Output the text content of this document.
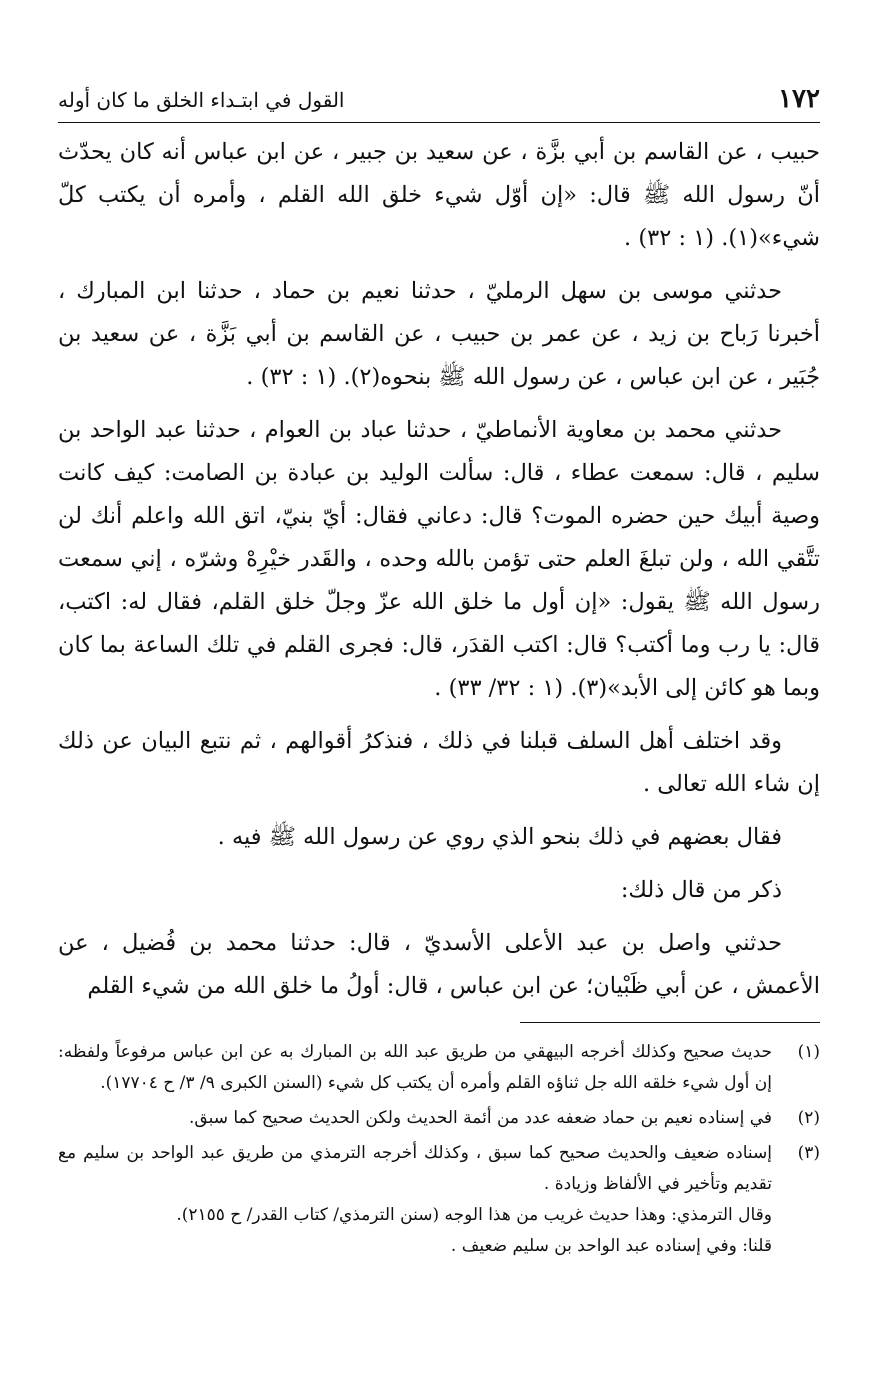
١٧٢
القول في ابتـداء الخلق ما كان أوله

حبيب ، عن القاسم بن أبي بزَّة ، عن سعيد بن جبير ، عن ابن عباس أنه كان يحدّث أنّ رسول الله ﷺ قال: «إن أوّل شيء خلق الله القلم ، وأمره أن يكتب كلّ شيء»(١). (١ : ٣٢) .

حدثني موسى بن سهل الرمليّ ، حدثنا نعيم بن حماد ، حدثنا ابن المبارك ، أخبرنا رَباح بن زيد ، عن عمر بن حبيب ، عن القاسم بن أبي بَزَّة ، عن سعيد بن جُبَير ، عن ابن عباس ، عن رسول الله ﷺ بنحوه(٢). (١ : ٣٢) .

حدثني محمد بن معاوية الأنماطيّ ، حدثنا عباد بن العوام ، حدثنا عبد الواحد بن سليم ، قال: سمعت عطاء ، قال: سألت الوليد بن عبادة بن الصامت: كيف كانت وصية أبيك حين حضره الموت؟ قال: دعاني فقال: أيّ بنيّ، اتق الله واعلم أنك لن تتَّقي الله ، ولن تبلغَ العلم حتى تؤمن بالله وحده ، والقَدر خيْرِهْ وشرّه ، إني سمعت رسول الله ﷺ يقول: «إن أول ما خلق الله عزّ وجلّ خلق القلم، فقال له: اكتب، قال: يا رب وما أكتب؟ قال: اكتب القدَر، قال: فجرى القلم في تلك الساعة بما كان وبما هو كائن إلى الأبد»(٣). (١ : ٣٢/ ٣٣) .

وقد اختلف أهل السلف قبلنا في ذلك ، فنذكرُ أقوالهم ، ثم نتبع البيان عن ذلك إن شاء الله تعالى .

فقال بعضهم في ذلك بنحو الذي روي عن رسول الله ﷺ فيه .

ذكر من قال ذلك:

حدثني واصل بن عبد الأعلى الأسديّ ، قال: حدثنا محمد بن فُضيل ، عن الأعمش ، عن أبي ظَبْيان؛ عن ابن عباس ، قال: أولُ ما خلق الله من شيء القلم

(١)
حديث صحيح وكذلك أخرجه البيهقي من طريق عبد الله بن المبارك به عن ابن عباس مرفوعاً ولفظه: إن أول شيء خلقه الله جل ثناؤه القلم وأمره أن يكتب كل شيء (السنن الكبرى ٩/ ٣/ ح ١٧٧٠٤).
(٢)
في إسناده نعيم بن حماد ضعفه عدد من أئمة الحديث ولكن الحديث صحيح كما سبق.
(٣)
إسناده ضعيف والحديث صحيح كما سبق ، وكذلك أخرجه الترمذي من طريق عبد الواحد بن سليم مع تقديم وتأخير في الألفاظ وزيادة .
وقال الترمذي: وهذا حديث غريب من هذا الوجه (سنن الترمذي/ كتاب القدر/ ح ٢١٥٥).
قلنا: وفي إسناده عبد الواحد بن سليم ضعيف .
